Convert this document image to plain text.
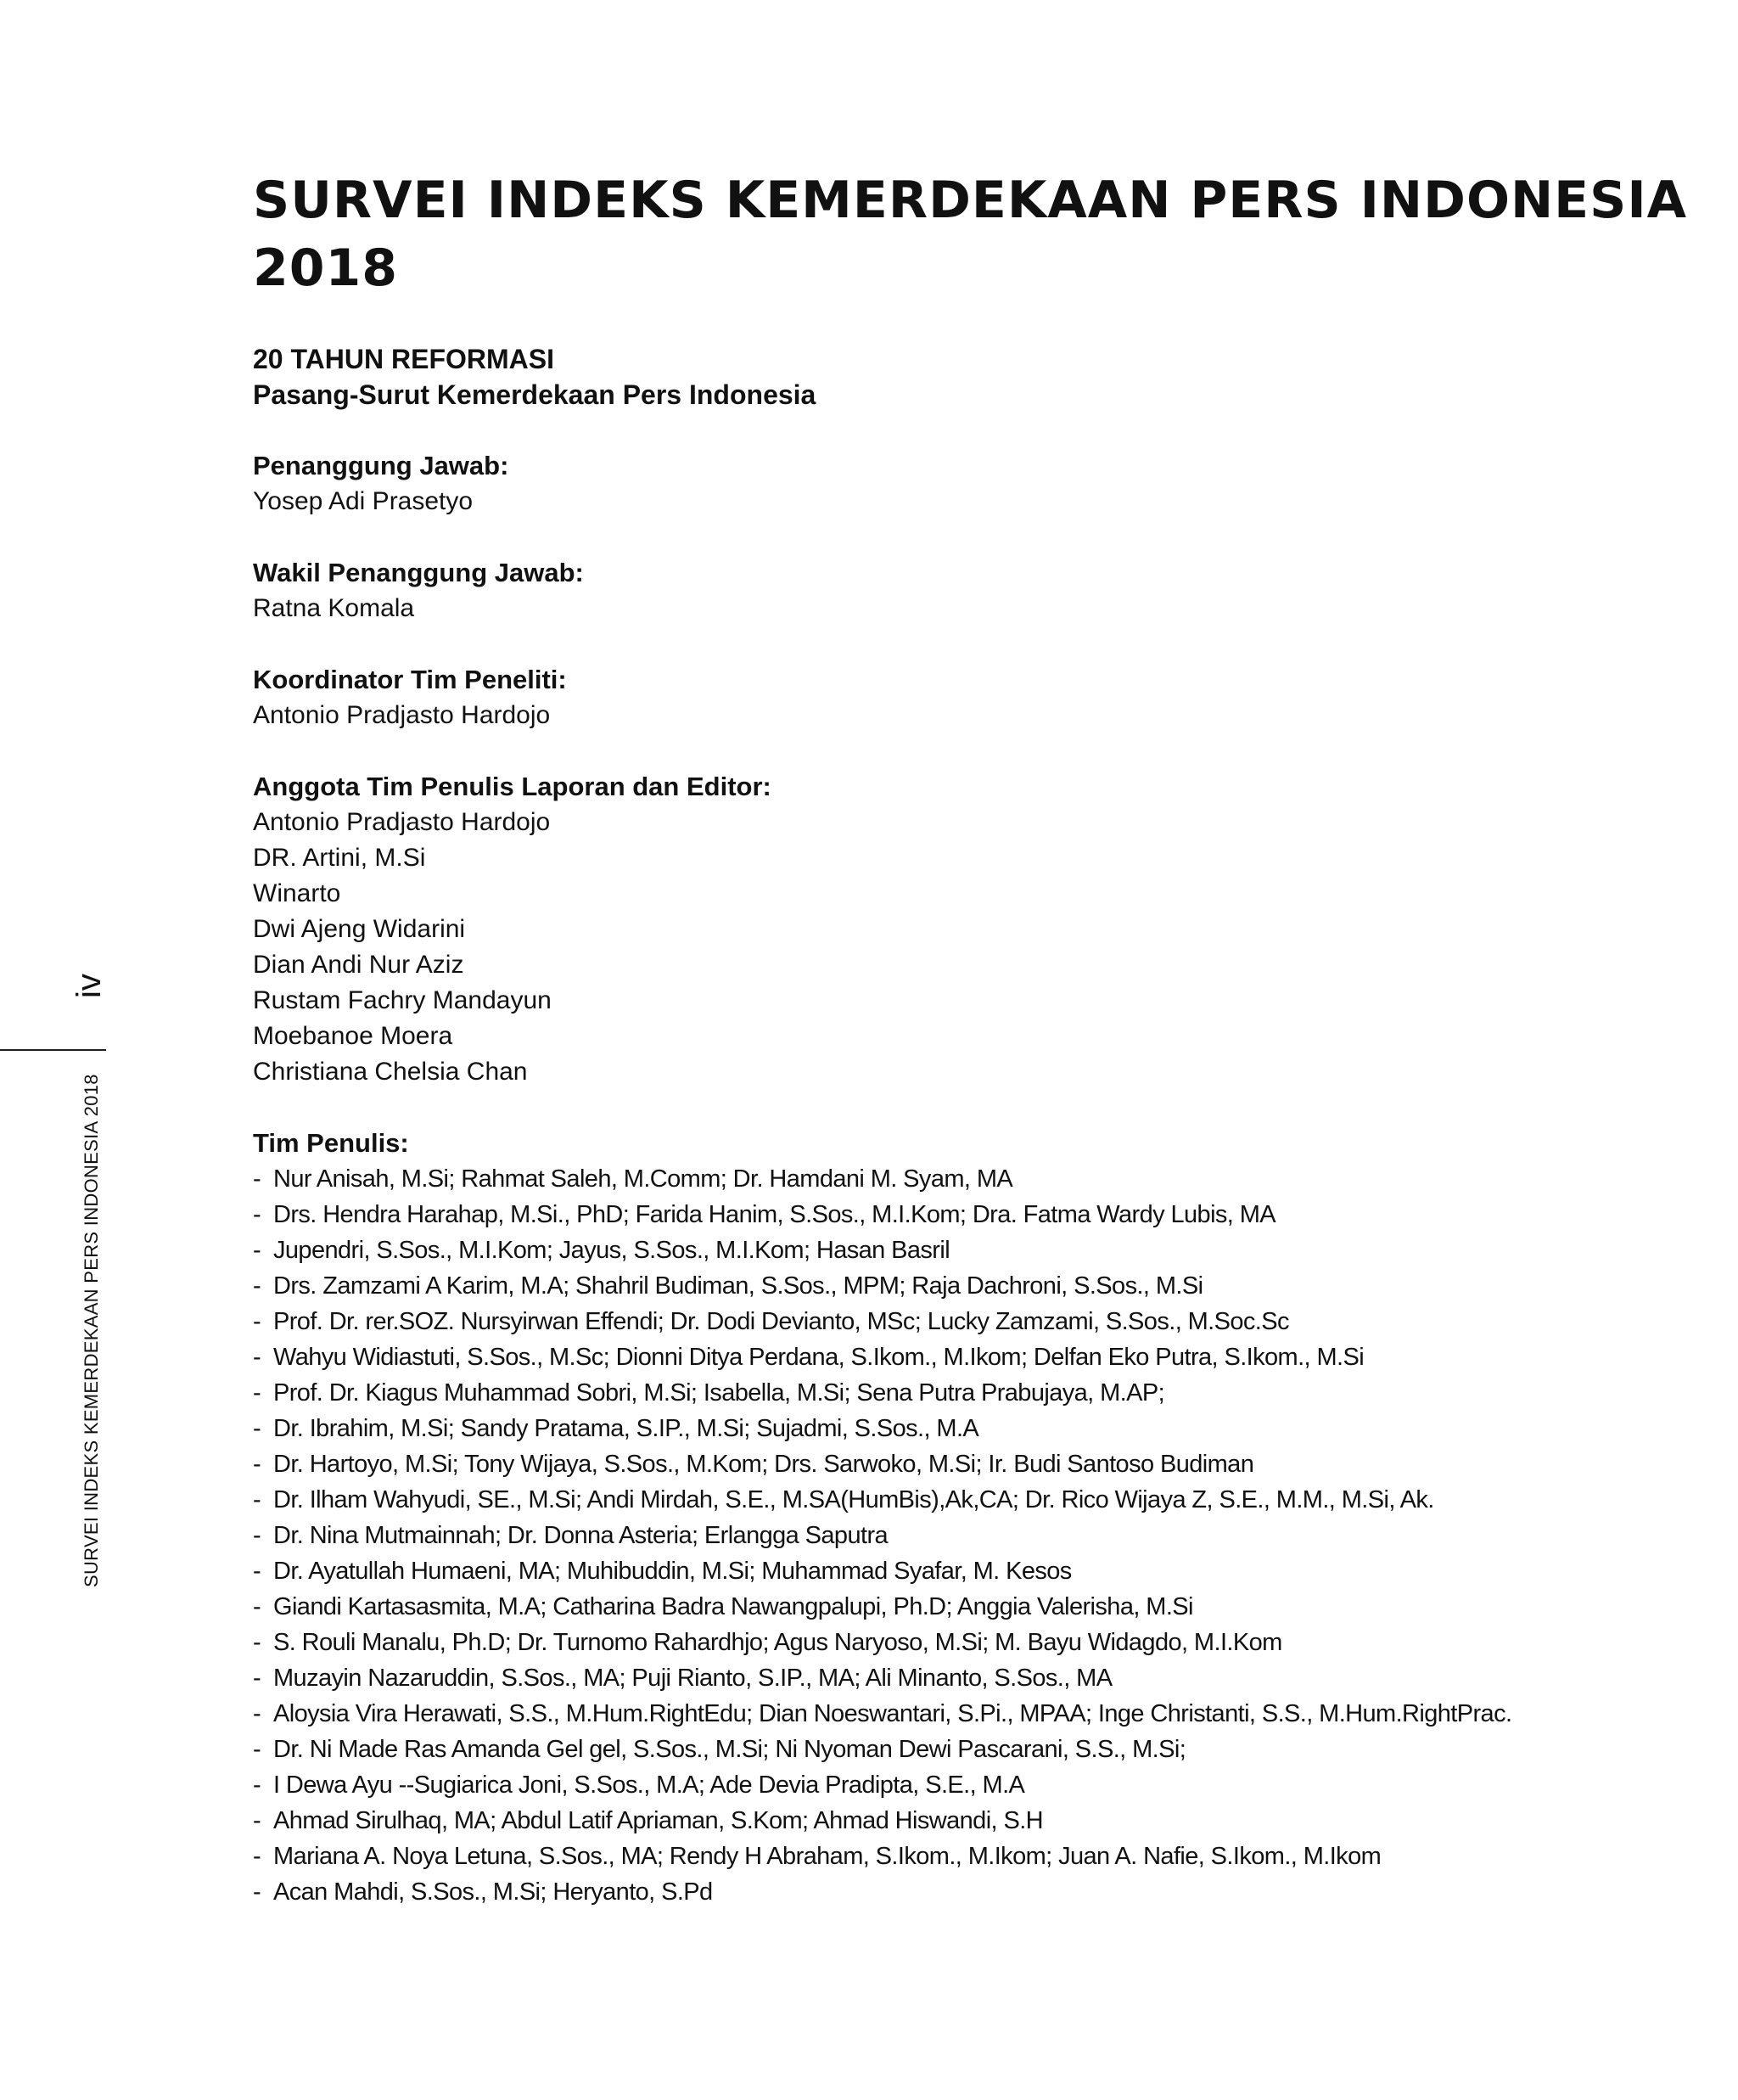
SURVEI INDEKS KEMERDEKAAN PERS INDONESIA
2018
20 TAHUN REFORMASI
Pasang-Surut Kemerdekaan Pers Indonesia
Penanggung Jawab:
Yosep Adi Prasetyo
Wakil Penanggung Jawab:
Ratna Komala
Koordinator Tim Peneliti:
Antonio Pradjasto Hardojo
Anggota Tim Penulis Laporan dan Editor:
Antonio Pradjasto Hardojo
DR. Artini, M.Si
Winarto
Dwi Ajeng Widarini
Dian Andi Nur Aziz
Rustam Fachry Mandayun
Moebanoe Moera
Christiana Chelsia Chan
Tim Penulis:
- Nur Anisah, M.Si; Rahmat Saleh, M.Comm; Dr. Hamdani M. Syam, MA
- Drs. Hendra Harahap, M.Si., PhD; Farida Hanim, S.Sos., M.I.Kom; Dra. Fatma Wardy Lubis, MA
- Jupendri, S.Sos., M.I.Kom; Jayus, S.Sos., M.I.Kom; Hasan Basril
- Drs. Zamzami A Karim, M.A; Shahril Budiman, S.Sos., MPM; Raja Dachroni, S.Sos., M.Si
- Prof. Dr. rer.SOZ. Nursyirwan Effendi; Dr. Dodi Devianto, MSc; Lucky Zamzami, S.Sos., M.Soc.Sc
- Wahyu Widiastuti, S.Sos., M.Sc; Dionni Ditya Perdana, S.Ikom., M.Ikom; Delfan Eko Putra, S.Ikom., M.Si
- Prof. Dr. Kiagus Muhammad Sobri, M.Si; Isabella, M.Si; Sena Putra Prabujaya, M.AP;
- Dr. Ibrahim, M.Si; Sandy Pratama, S.IP., M.Si; Sujadmi, S.Sos., M.A
- Dr. Hartoyo, M.Si; Tony Wijaya, S.Sos., M.Kom; Drs. Sarwoko, M.Si; Ir. Budi Santoso Budiman
- Dr. Ilham Wahyudi, SE., M.Si; Andi Mirdah, S.E., M.SA(HumBis),Ak,CA; Dr. Rico Wijaya Z, S.E., M.M., M.Si, Ak.
- Dr. Nina Mutmainnah; Dr. Donna Asteria; Erlangga Saputra
- Dr. Ayatullah Humaeni, MA; Muhibuddin, M.Si; Muhammad Syafar, M. Kesos
- Giandi Kartasasmita, M.A; Catharina Badra Nawangpalupi, Ph.D; Anggia Valerisha, M.Si
- S. Rouli Manalu, Ph.D; Dr. Turnomo Rahardhjo; Agus Naryoso, M.Si; M. Bayu Widagdo, M.I.Kom
- Muzayin Nazaruddin, S.Sos., MA; Puji Rianto, S.IP., MA; Ali Minanto, S.Sos., MA
- Aloysia Vira Herawati, S.S., M.Hum.RightEdu; Dian Noeswantari, S.Pi., MPAA; Inge Christanti, S.S., M.Hum.RightPrac.
- Dr. Ni Made Ras Amanda Gel gel, S.Sos., M.Si; Ni Nyoman Dewi Pascarani, S.S., M.Si;
- I Dewa Ayu --Sugiarica Joni, S.Sos., M.A; Ade Devia Pradipta, S.E., M.A
- Ahmad Sirulhaq, MA; Abdul Latif Apriaman, S.Kom; Ahmad Hiswandi, S.H
- Mariana A. Noya Letuna, S.Sos., MA; Rendy H Abraham, S.Ikom., M.Ikom; Juan A. Nafie, S.Ikom., M.Ikom
- Acan Mahdi, S.Sos., M.Si; Heryanto, S.Pd
iv
SURVEI INDEKS KEMERDEKAAN PERS INDONESIA 2018
